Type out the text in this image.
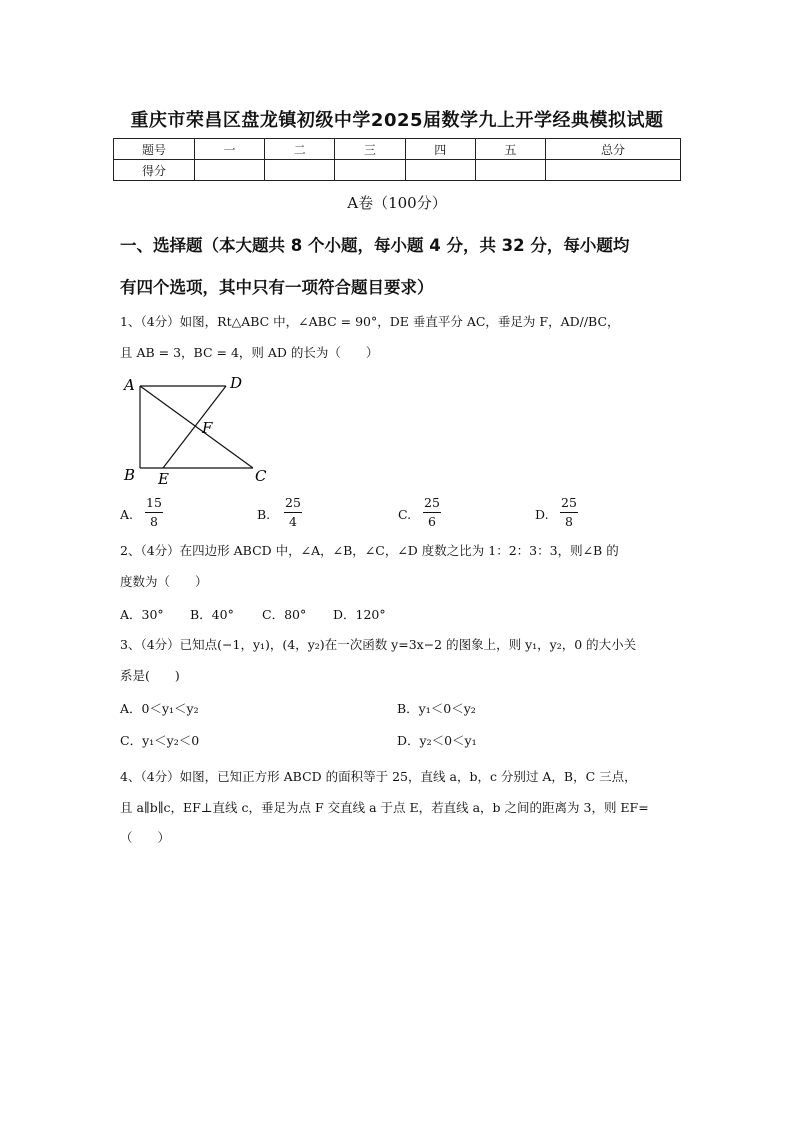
重庆市荣昌区盘龙镇初级中学2025届数学九上开学经典模拟试题
题号	一	二	三	四	五	总分
得分						
A卷（100分）
一、选择题（本大题共 8 个小题，每小题 4 分，共 32 分，每小题均
有四个选项，其中只有一项符合题目要求）
1、（4分）如图，Rt△ABC 中，∠ABC = 90°，DE 垂直平分 AC，垂足为 F，AD//BC，
且 AB = 3，BC = 4，则 AD 的长为（　　）
A	D
F
B E	C
A.
15
8	B.
25
4	C.
25
6	D.
25
8
2、（4分）在四边形 ABCD 中，∠A，∠B，∠C，∠D 度数之比为 1：2：3：3，则∠B 的
度数为（　　）
A．30° B．40° C．80° D．120°
3、（4分）已知点(−1，y₁)，(4，y₂)在一次函数 y=3x−2 的图象上，则 y₁，y₂，0 的大小关
系是(　　)
A．0＜y₁＜y₂	B．y₁＜0＜y₂
C．y₁＜y₂＜0	D．y₂＜0＜y₁
4、（4分）如图，已知正方形 ABCD 的面积等于 25，直线 a，b，c 分别过 A，B，C 三点，
且 a∥b∥c，EF⊥直线 c，垂足为点 F 交直线 a 于点 E，若直线 a，b 之间的距离为 3，则 EF=
（　　）
